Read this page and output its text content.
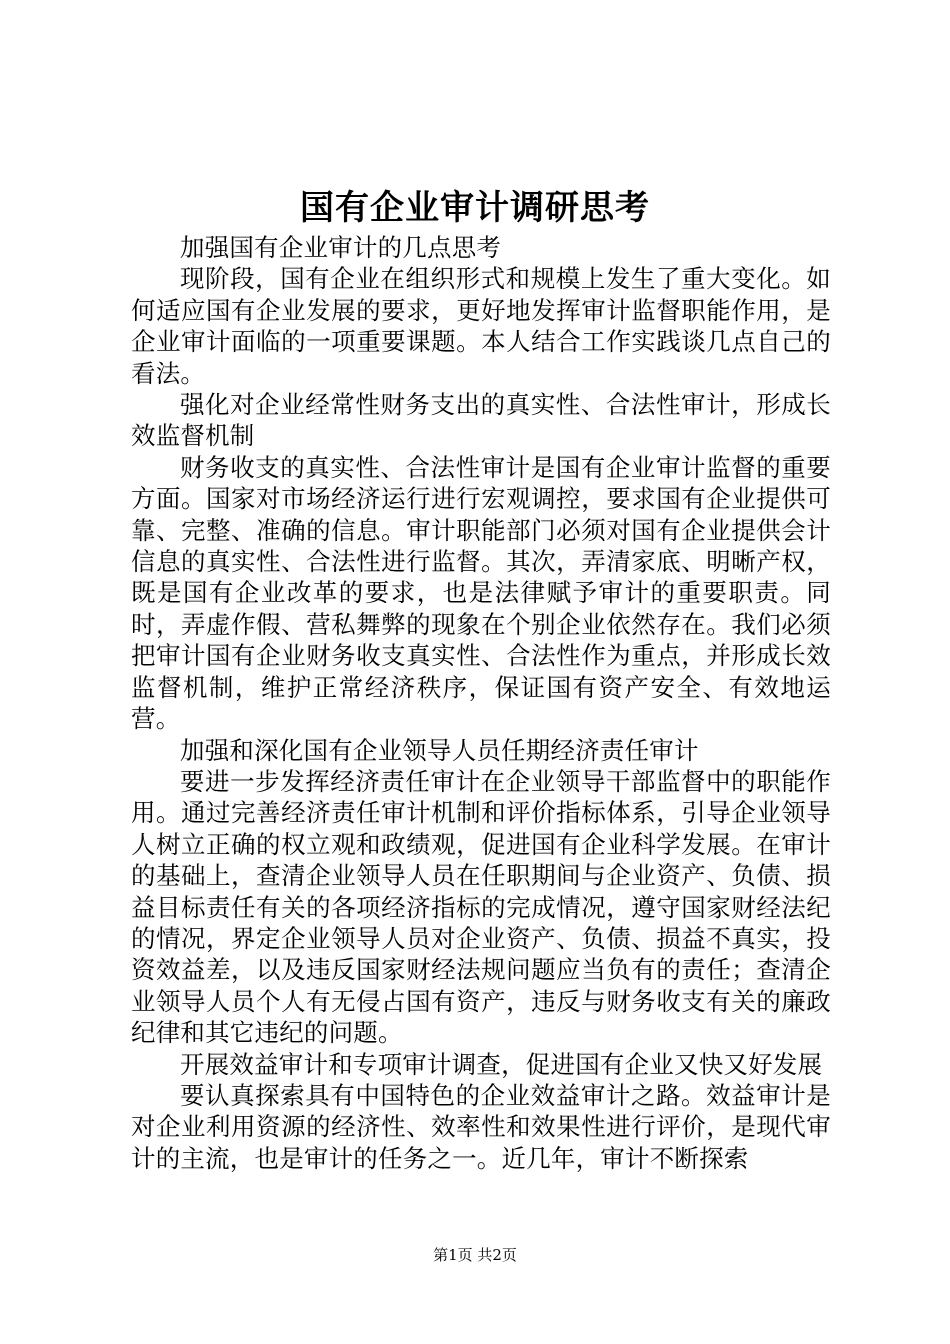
国有企业审计调研思考

加强国有企业审计的几点思考

现阶段，国有企业在组织形式和规模上发生了重大变化。如何适应国有企业发展的要求，更好地发挥审计监督职能作用，是企业审计面临的一项重要课题。本人结合工作实践谈几点自己的看法。

强化对企业经常性财务支出的真实性、合法性审计，形成长效监督机制

财务收支的真实性、合法性审计是国有企业审计监督的重要方面。国家对市场经济运行进行宏观调控，要求国有企业提供可靠、完整、准确的信息。审计职能部门必须对国有企业提供会计信息的真实性、合法性进行监督。其次，弄清家底、明晰产权，既是国有企业改革的要求，也是法律赋予审计的重要职责。同时，弄虚作假、营私舞弊的现象在个别企业依然存在。我们必须把审计国有企业财务收支真实性、合法性作为重点，并形成长效监督机制，维护正常经济秩序，保证国有资产安全、有效地运营。

加强和深化国有企业领导人员任期经济责任审计

要进一步发挥经济责任审计在企业领导干部监督中的职能作用。通过完善经济责任审计机制和评价指标体系，引导企业领导人树立正确的权立观和政绩观，促进国有企业科学发展。在审计的基础上，查清企业领导人员在任职期间与企业资产、负债、损益目标责任有关的各项经济指标的完成情况，遵守国家财经法纪的情况，界定企业领导人员对企业资产、负债、损益不真实，投资效益差，以及违反国家财经法规问题应当负有的责任；查清企业领导人员个人有无侵占国有资产，违反与财务收支有关的廉政纪律和其它违纪的问题。

开展效益审计和专项审计调查，促进国有企业又快又好发展

要认真探索具有中国特色的企业效益审计之路。效益审计是对企业利用资源的经济性、效率性和效果性进行评价，是现代审计的主流，也是审计的任务之一。近几年，审计不断探索

第1页 共2页
